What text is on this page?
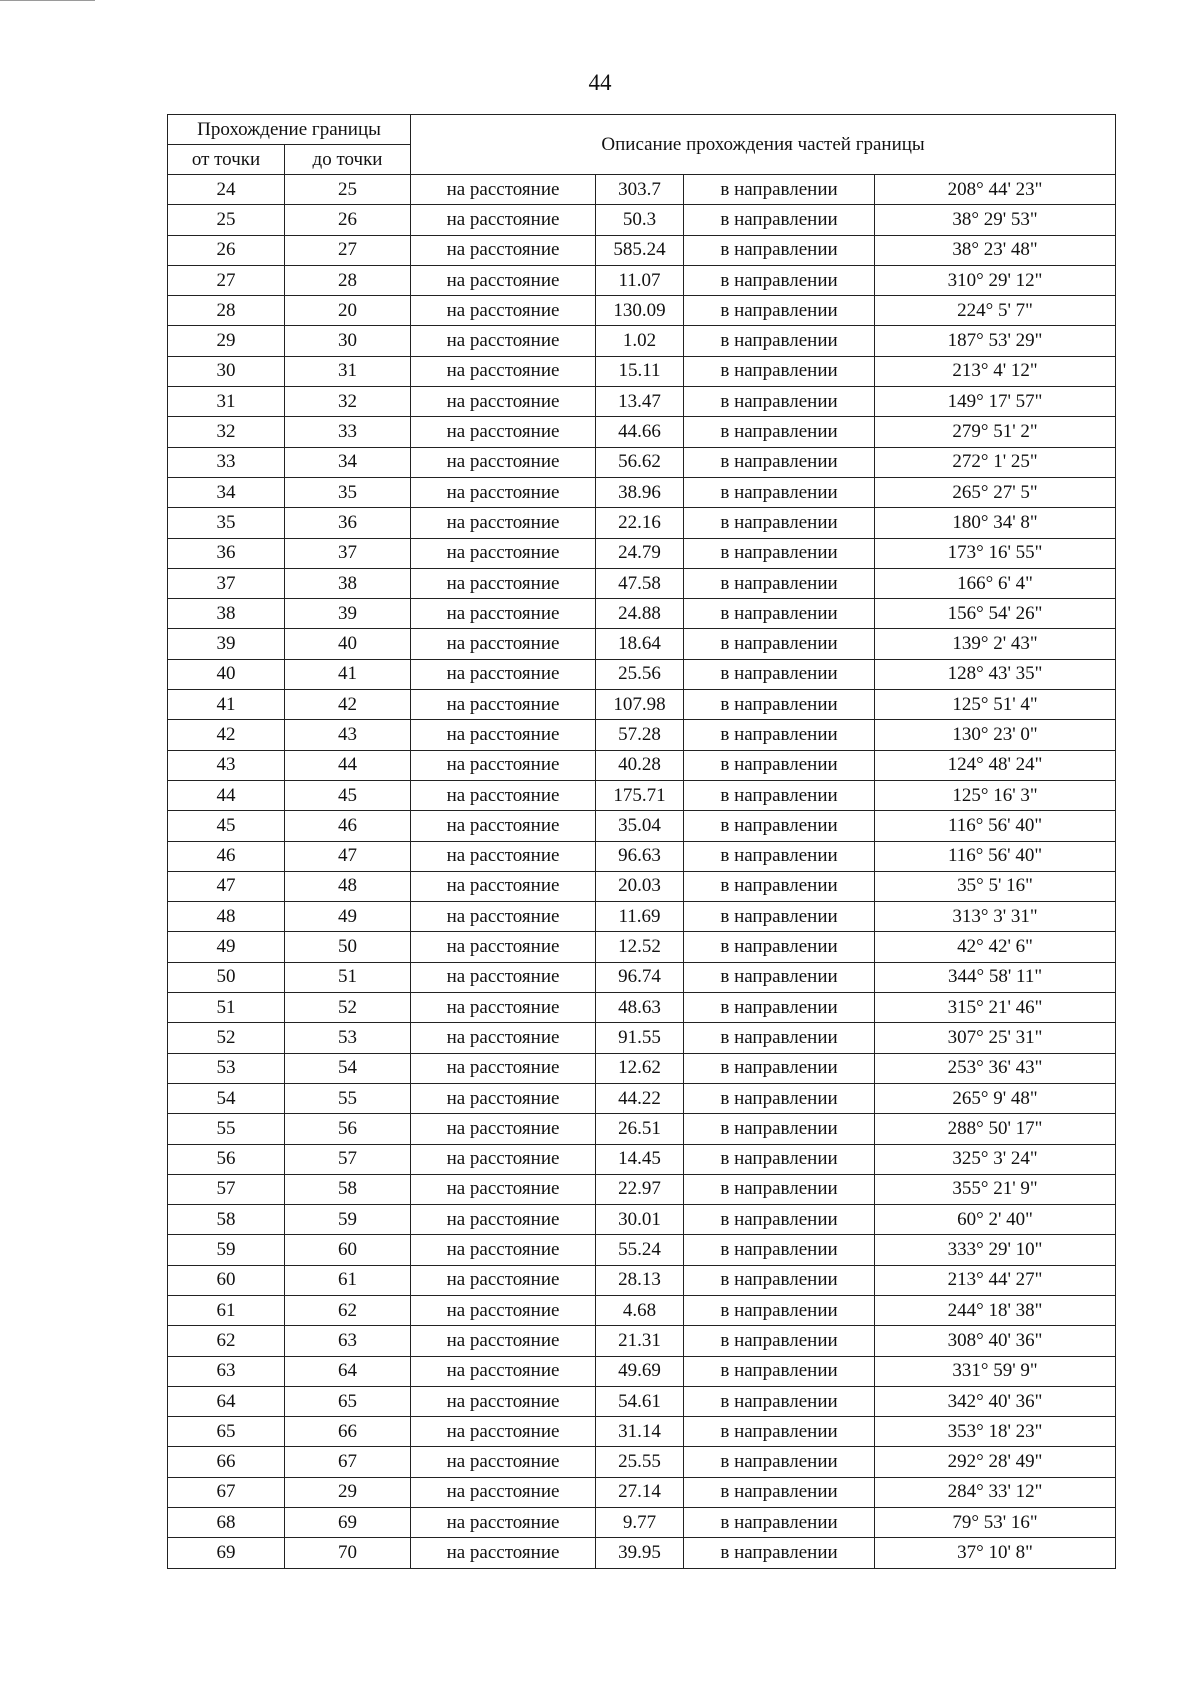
44
Прохождение границы		Описание прохождения частей границы			
от точки	до точки				
24	25	на расстояние	303.7	в направлении	208° 44' 23"
25	26	на расстояние	50.3	в направлении	38° 29' 53"
26	27	на расстояние	585.24	в направлении	38° 23' 48"
27	28	на расстояние	11.07	в направлении	310° 29' 12"
28	20	на расстояние	130.09	в направлении	224° 5' 7"
29	30	на расстояние	1.02	в направлении	187° 53' 29"
30	31	на расстояние	15.11	в направлении	213° 4' 12"
31	32	на расстояние	13.47	в направлении	149° 17' 57"
32	33	на расстояние	44.66	в направлении	279° 51' 2"
33	34	на расстояние	56.62	в направлении	272° 1' 25"
34	35	на расстояние	38.96	в направлении	265° 27' 5"
35	36	на расстояние	22.16	в направлении	180° 34' 8"
36	37	на расстояние	24.79	в направлении	173° 16' 55"
37	38	на расстояние	47.58	в направлении	166° 6' 4"
38	39	на расстояние	24.88	в направлении	156° 54' 26"
39	40	на расстояние	18.64	в направлении	139° 2' 43"
40	41	на расстояние	25.56	в направлении	128° 43' 35"
41	42	на расстояние	107.98	в направлении	125° 51' 4"
42	43	на расстояние	57.28	в направлении	130° 23' 0"
43	44	на расстояние	40.28	в направлении	124° 48' 24"
44	45	на расстояние	175.71	в направлении	125° 16' 3"
45	46	на расстояние	35.04	в направлении	116° 56' 40"
46	47	на расстояние	96.63	в направлении	116° 56' 40"
47	48	на расстояние	20.03	в направлении	35° 5' 16"
48	49	на расстояние	11.69	в направлении	313° 3' 31"
49	50	на расстояние	12.52	в направлении	42° 42' 6"
50	51	на расстояние	96.74	в направлении	344° 58' 11"
51	52	на расстояние	48.63	в направлении	315° 21' 46"
52	53	на расстояние	91.55	в направлении	307° 25' 31"
53	54	на расстояние	12.62	в направлении	253° 36' 43"
54	55	на расстояние	44.22	в направлении	265° 9' 48"
55	56	на расстояние	26.51	в направлении	288° 50' 17"
56	57	на расстояние	14.45	в направлении	325° 3' 24"
57	58	на расстояние	22.97	в направлении	355° 21' 9"
58	59	на расстояние	30.01	в направлении	60° 2' 40"
59	60	на расстояние	55.24	в направлении	333° 29' 10"
60	61	на расстояние	28.13	в направлении	213° 44' 27"
61	62	на расстояние	4.68	в направлении	244° 18' 38"
62	63	на расстояние	21.31	в направлении	308° 40' 36"
63	64	на расстояние	49.69	в направлении	331° 59' 9"
64	65	на расстояние	54.61	в направлении	342° 40' 36"
65	66	на расстояние	31.14	в направлении	353° 18' 23"
66	67	на расстояние	25.55	в направлении	292° 28' 49"
67	29	на расстояние	27.14	в направлении	284° 33' 12"
68	69	на расстояние	9.77	в направлении	79° 53' 16"
69	70	на расстояние	39.95	в направлении	37° 10' 8"
